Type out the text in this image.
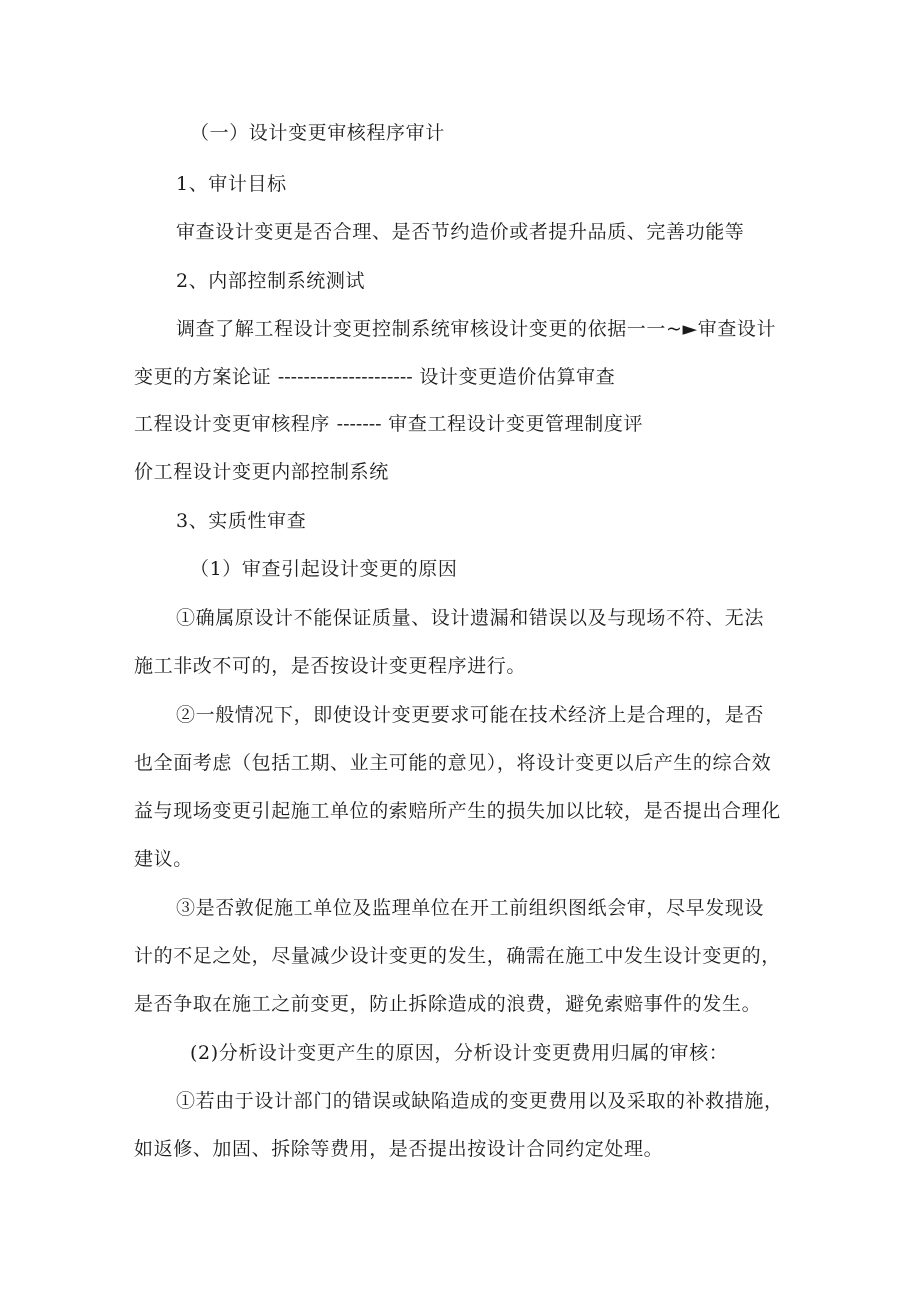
（一）设计变更审核程序审计
1、审计目标
审查设计变更是否合理、是否节约造价或者提升品质、完善功能等
2、内部控制系统测试
调查了解工程设计变更控制系统审核设计变更的依据一一~►审查设计
变更的方案论证 --------------------- 设计变更造价估算审查
工程设计变更审核程序 ------- 审查工程设计变更管理制度评
价工程设计变更内部控制系统
3、实质性审查
（1）审查引起设计变更的原因
①确属原设计不能保证质量、设计遗漏和错误以及与现场不符、无法
施工非改不可的，是否按设计变更程序进行。
②一般情况下，即使设计变更要求可能在技术经济上是合理的，是否
也全面考虑（包括工期、业主可能的意见），将设计变更以后产生的综合效
益与现场变更引起施工单位的索赔所产生的损失加以比较，是否提出合理化
建议。
③是否敦促施工单位及监理单位在开工前组织图纸会审，尽早发现设
计的不足之处，尽量减少设计变更的发生，确需在施工中发生设计变更的，
是否争取在施工之前变更，防止拆除造成的浪费，避免索赔事件的发生。
(2)分析设计变更产生的原因，分析设计变更费用归属的审核：
①若由于设计部门的错误或缺陷造成的变更费用以及采取的补救措施，
如返修、加固、拆除等费用，是否提出按设计合同约定处理。
